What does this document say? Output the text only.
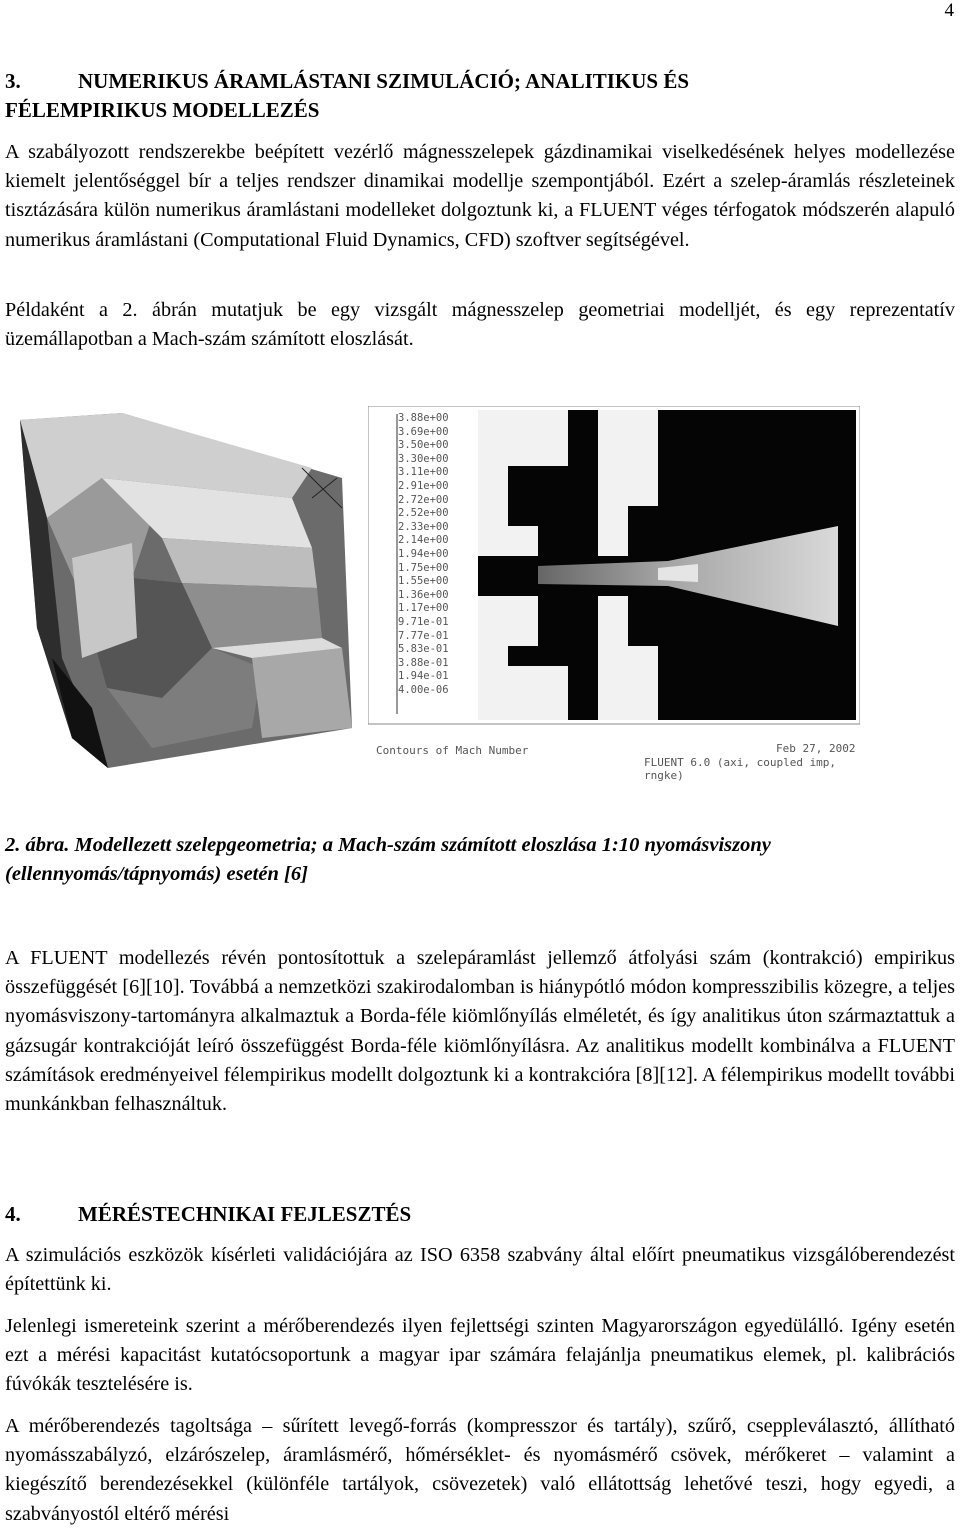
4
3.	NUMERIKUS ÁRAMLÁSTANI SZIMULÁCIÓ; ANALITIKUS ÉS
FÉLEMPIRIKUS MODELLEZÉS

A szabályozott rendszerekbe beépített vezérlő mágnesszelepek gázdinamikai viselkedésének helyes modellezése kiemelt jelentőséggel bír a teljes rendszer dinamikai modellje szempontjából. Ezért a szelep-áramlás részleteinek tisztázására külön numerikus áramlástani modelleket dolgoztunk ki, a FLUENT véges térfogatok módszerén alapuló numerikus áramlástani (Computational Fluid Dynamics, CFD) szoftver segítségével.

Példaként a 2. ábrán mutatjuk be egy vizsgált mágnesszelep geometriai modelljét, és egy reprezentatív üzemállapotban a Mach-szám számított eloszlását.

3.88e+00
3.69e+00
3.50e+00
3.30e+00
3.11e+00
2.91e+00
2.72e+00
2.52e+00
2.33e+00
2.14e+00
1.94e+00
1.75e+00
1.55e+00
1.36e+00
1.17e+00
9.71e-01
7.77e-01
5.83e-01
3.88e-01
1.94e-01
4.00e-06
Contours of Mach Number	Feb 27, 2002
FLUENT 6.0 (axi, coupled imp, rngke)

2. ábra. Modellezett szelepgeometria; a Mach-szám számított eloszlása 1:10 nyomásviszony (ellennyomás/tápnyomás) esetén [6]

A FLUENT modellezés révén pontosítottuk a szelepáramlást jellemző átfolyási szám (kontrakció) empirikus összefüggését [6][10]. Továbbá a nemzetközi szakirodalomban is hiánypótló módon kompresszibilis közegre, a teljes nyomásviszony-tartományra alkalmaztuk a Borda-féle kiömlőnyílás elméletét, és így analitikus úton származtattuk a gázsugár kontrakcióját leíró összefüggést Borda-féle kiömlőnyílásra. Az analitikus modellt kombinálva a FLUENT számítások eredményeivel félempirikus modellt dolgoztunk ki a kontrakcióra [8][12]. A félempirikus modellt további munkánkban felhasználtuk.

4.	MÉRÉSTECHNIKAI FEJLESZTÉS

A szimulációs eszközök kísérleti validációjára az ISO 6358 szabvány által előírt pneumatikus vizsgálóberendezést építettünk ki.

Jelenlegi ismereteink szerint a mérőberendezés ilyen fejlettségi szinten Magyarországon egyedülálló. Igény esetén ezt a mérési kapacitást kutatócsoportunk a magyar ipar számára felajánlja pneumatikus elemek, pl. kalibrációs fúvókák tesztelésére is.

A mérőberendezés tagoltsága – sűrített levegő-forrás (kompresszor és tartály), szűrő, cseppleválasztó, állítható nyomásszabályzó, elzárószelep, áramlásmérő, hőmérséklet- és nyomásmérő csövek, mérőkeret – valamint a kiegészítő berendezésekkel (különféle tartályok, csövezetek) való ellátottság lehetővé teszi, hogy egyedi, a szabványostól eltérő mérési
